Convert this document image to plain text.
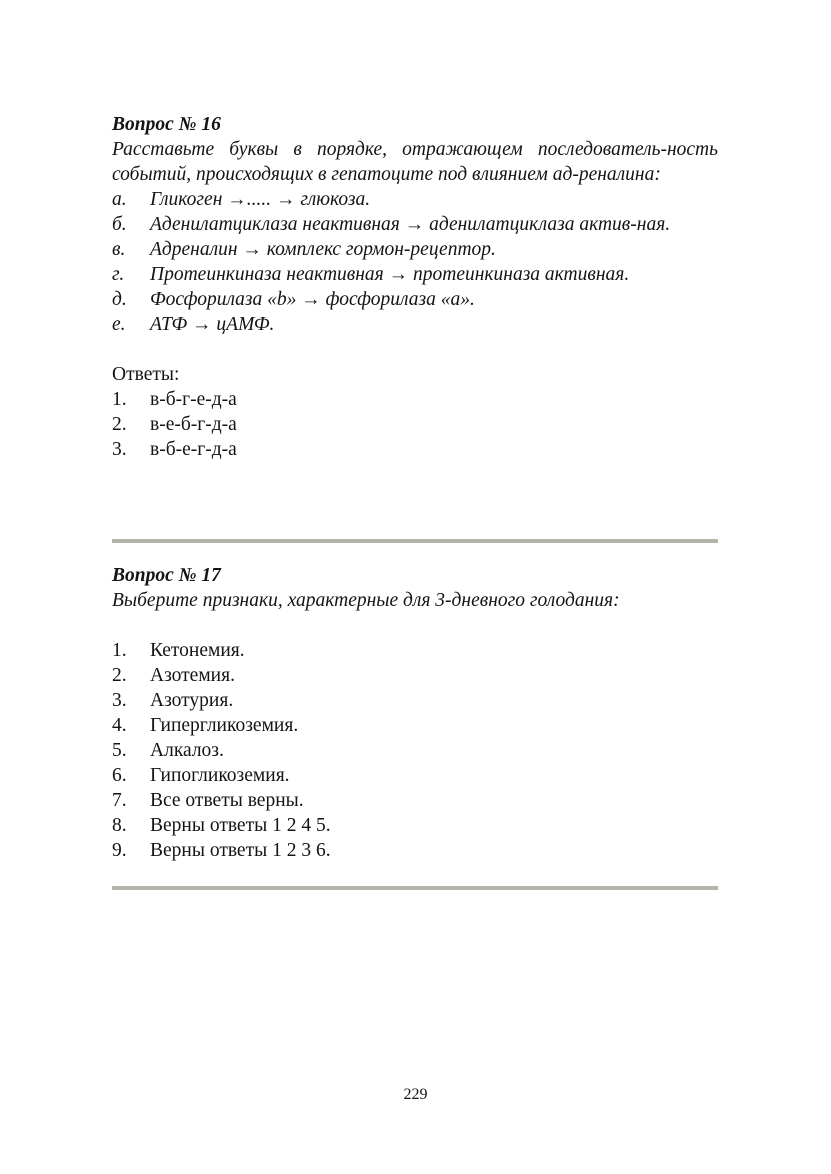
Вопрос № 16
Расставьте буквы в порядке, отражающем последователь-ность событий, происходящих в гепатоците под влиянием ад-реналина:
а.	Гликоген →..... → глюкоза.
б.	Аденилатциклаза неактивная → аденилатциклаза актив-ная.
в.	Адреналин → комплекс гормон-рецептор.
г.	Протеинкиназа неактивная → протеинкиназа активная.
д.	Фосфорилаза «b» → фосфорилаза «а».
е.	АТФ → цАМФ.
Ответы:
1.	в-б-г-е-д-а
2.	в-е-б-г-д-а
3.	в-б-е-г-д-а
Вопрос № 17
Выберите признаки, характерные для 3-дневного голодания:
1.	Кетонемия.
2.	Азотемия.
3.	Азотурия.
4.	Гипергликоземия.
5.	Алкалоз.
6.	Гипогликоземия.
7.	Все ответы верны.
8.	Верны ответы 1 2 4 5.
9.	Верны ответы 1 2 3 6.
229
